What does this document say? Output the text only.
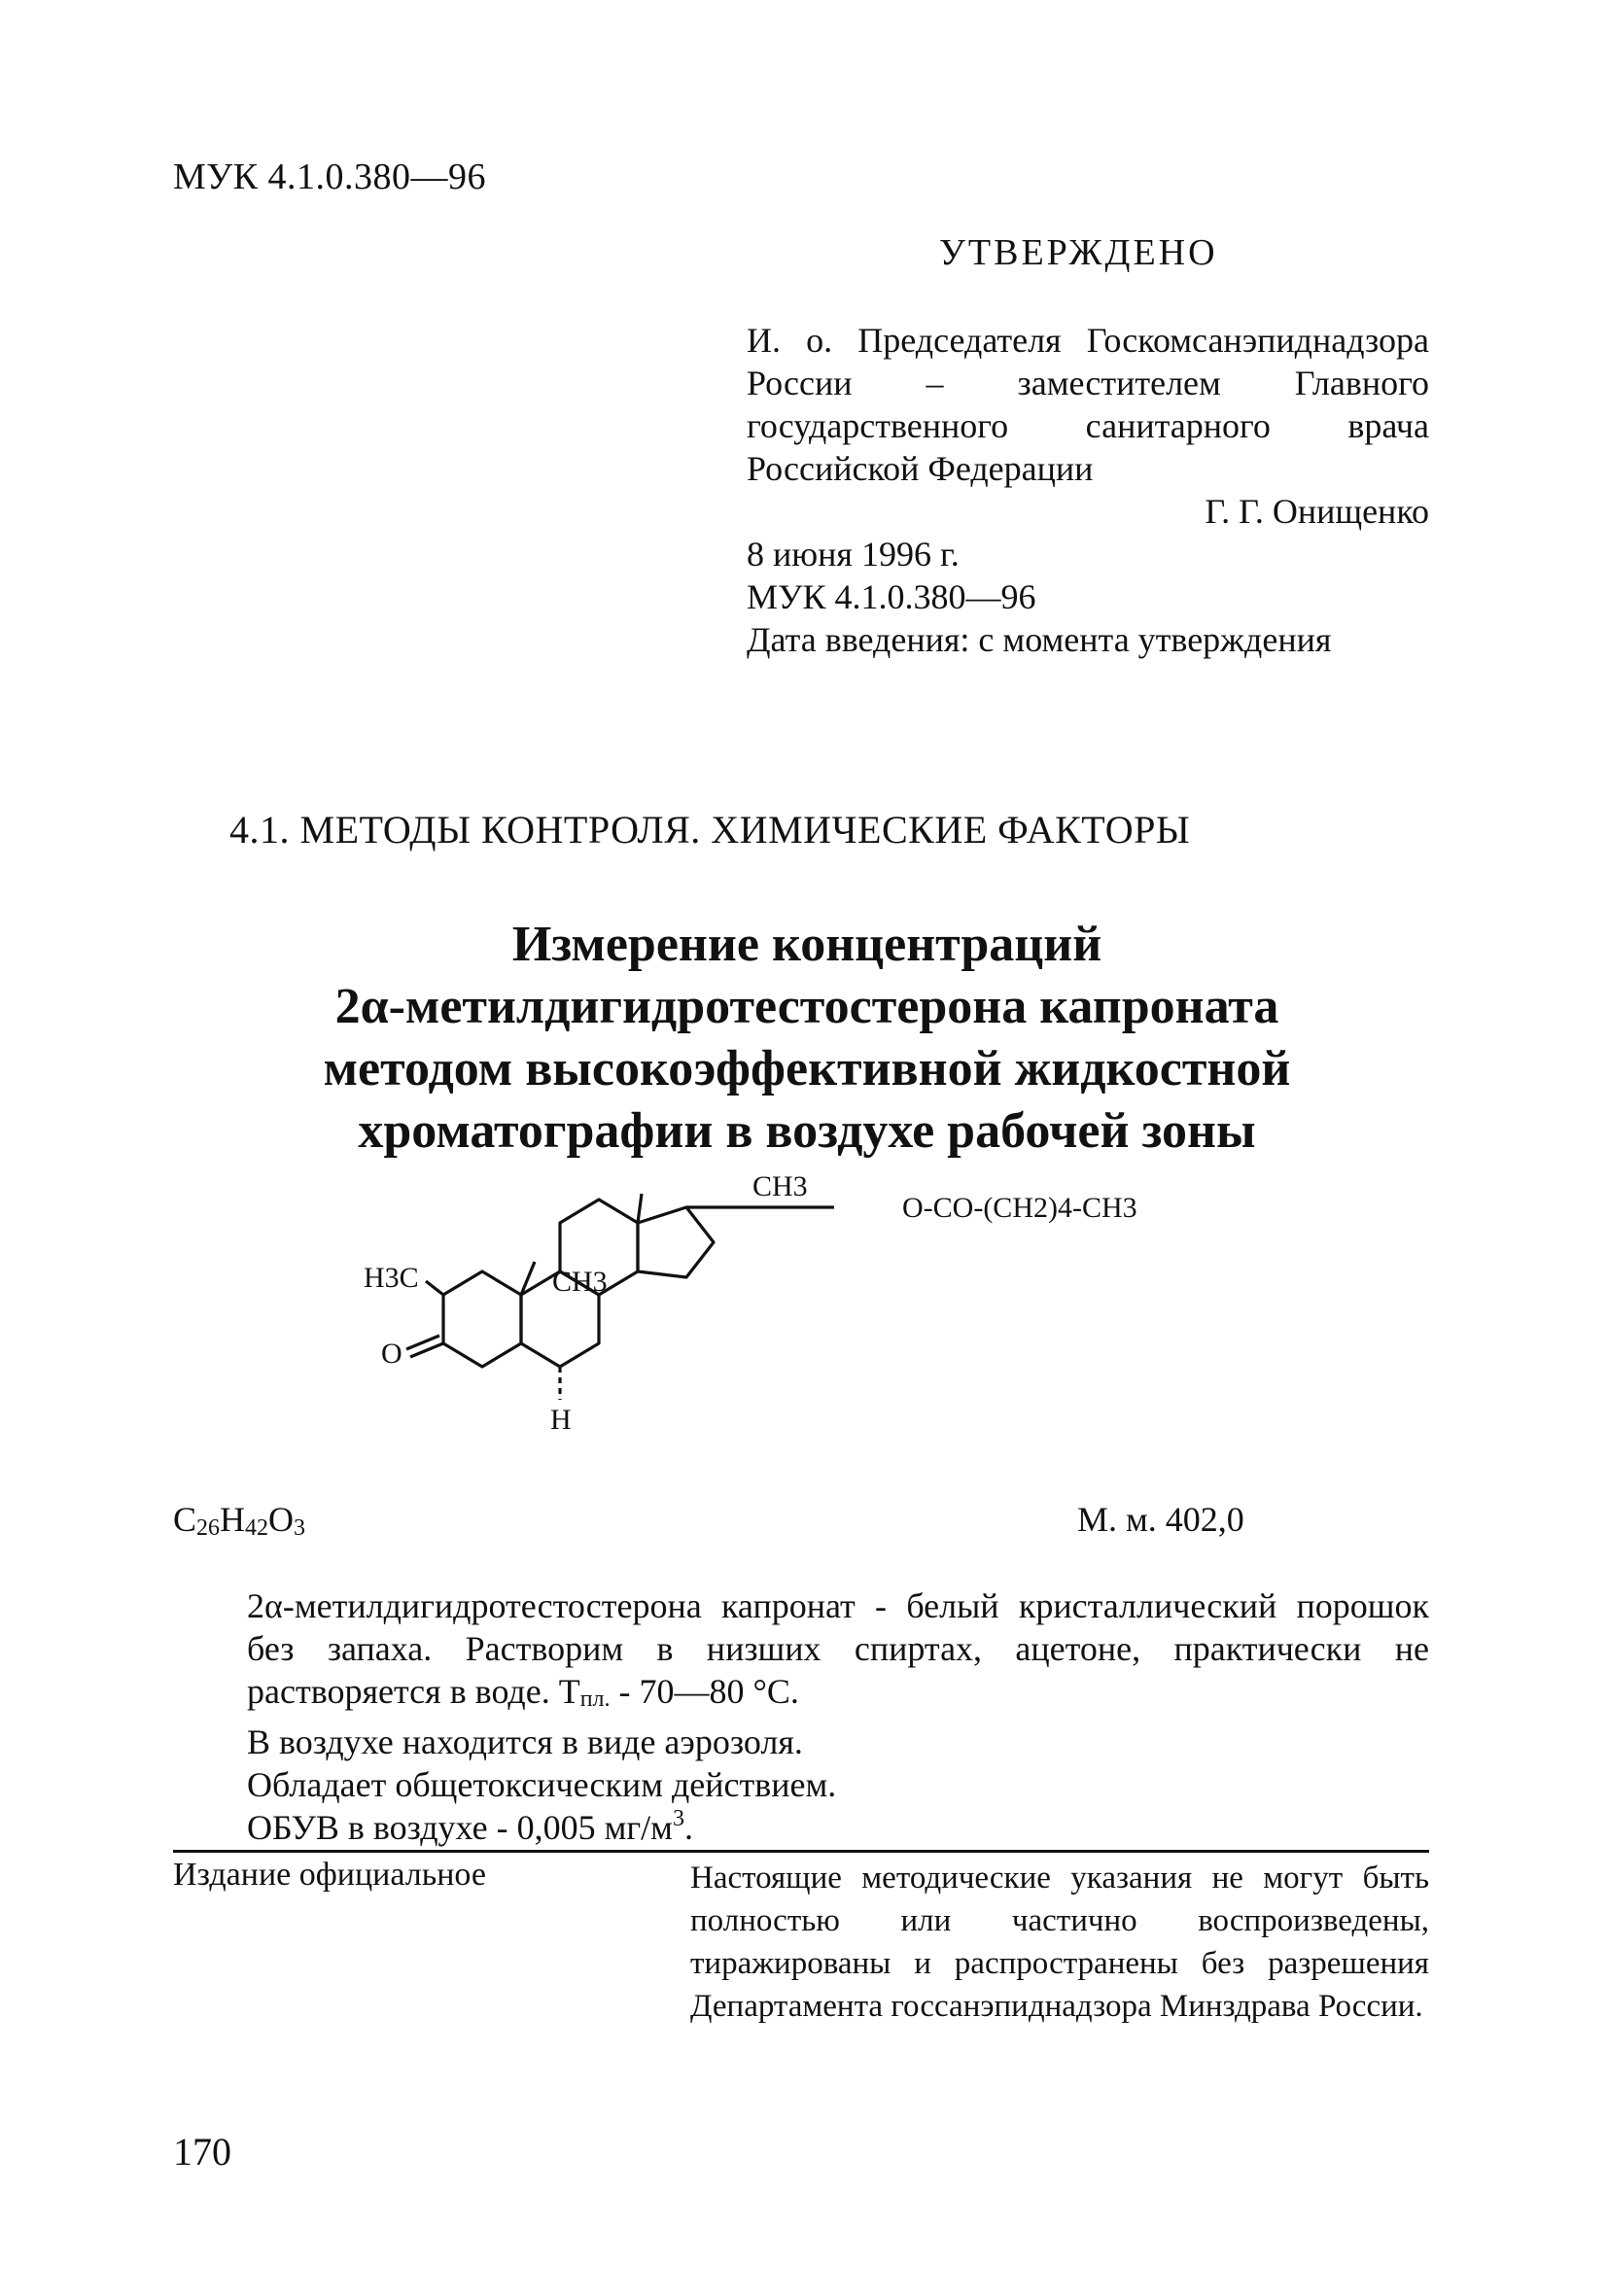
МУК 4.1.0.380—96
УТВЕРЖДЕНО
И. о. Председателя Госкомсанэпиднадзора России – заместителем Главного государственного санитарного врача Российской Федерации
Г. Г. Онищенко
8 июня 1996 г.
МУК 4.1.0.380—96
Дата введения: с момента утверждения
4.1. МЕТОДЫ КОНТРОЛЯ. ХИМИЧЕСКИЕ ФАКТОРЫ
Измерение концентраций
2α-метилдигидротестостерона капроната
методом высокоэффективной жидкостной
хроматографии в воздухе рабочей зоны
CH3
O-CO-(CH2)4-CH3
CH3
H3C
O
H
$C_{26}H_{42}O_3$	М. м. 402,0
2α-метилдигидротестостерона капронат - белый кристаллический порошок без запаха. Растворим в низших спиртах, ацетоне, практически не растворяется в воде. $T_{пл.}$ - 70—80 °С.
В воздухе находится в виде аэрозоля.
Обладает общетоксическим действием.
ОБУВ в воздухе - 0,005 $мг/м^3$.
Издание официальное	Настоящие методические указания не могут быть полностью или частично воспроизведены, тиражированы и распространены без разрешения Департамента госсанэпиднадзора Минздрава России.
170
